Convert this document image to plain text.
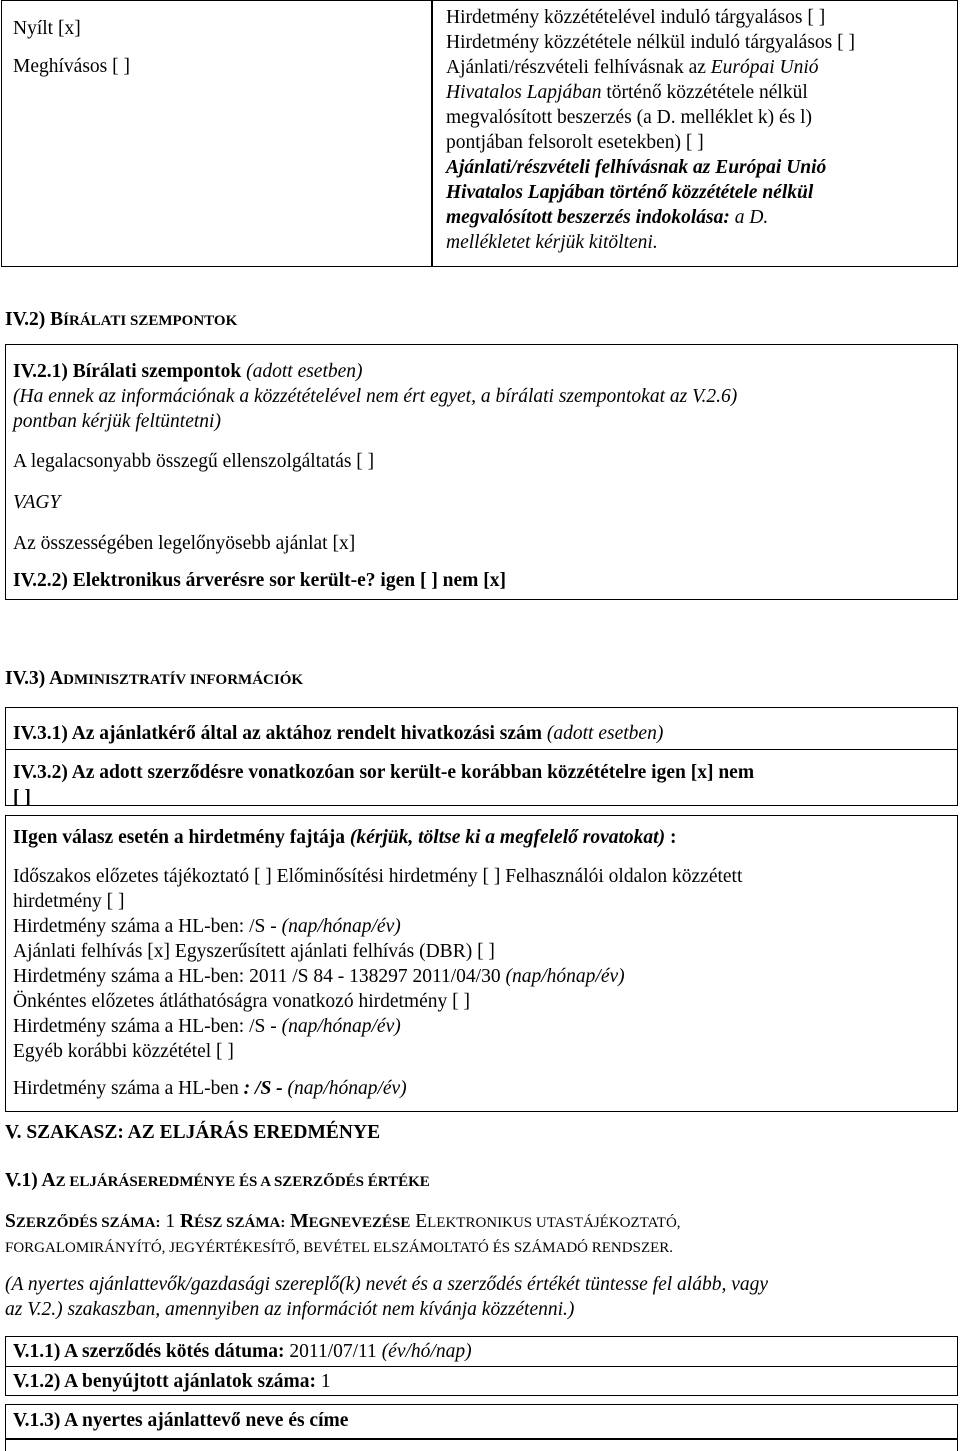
Nyílt [x]
Meghívásos [ ]
Hirdetmény közzétételével induló tárgyalásos [ ]
Hirdetmény közzététele nélkül induló tárgyalásos [ ]
Ajánlati/részvételi felhívásnak az Európai Unió
Hivatalos Lapjában történő közzététele nélkül
megvalósított beszerzés (a D. melléklet k) és l)
pontjában felsorolt esetekben) [ ]
Ajánlati/részvételi felhívásnak az Európai Unió
Hivatalos Lapjában történő közzététele nélkül
megvalósított beszerzés indokolása: a D.
mellékletet kérjük kitölteni.
IV.2) BÍRÁLATI SZEMPONTOK
IV.2.1) Bírálati szempontok (adott esetben)
(Ha ennek az információnak a közzétételével nem ért egyet, a bírálati szempontokat az V.2.6)
pontban kérjük feltüntetni)
A legalacsonyabb összegű ellenszolgáltatás [ ]
VAGY
Az összességében legelőnyösebb ajánlat [x]
IV.2.2) Elektronikus árverésre sor került-e? igen [ ] nem [x]
IV.3) ADMINISZTRATÍV INFORMÁCIÓK
IV.3.1) Az ajánlatkérő által az aktához rendelt hivatkozási szám (adott esetben)
IV.3.2) Az adott szerződésre vonatkozóan sor került-e korábban közzétételre igen [x] nem
[ ]
IIgen válasz esetén a hirdetmény fajtája (kérjük, töltse ki a megfelelő rovatokat) :
Időszakos előzetes tájékoztató [ ] Előminősítési hirdetmény [ ] Felhasználói oldalon közzétett
hirdetmény [ ]
Hirdetmény száma a HL-ben: /S - (nap/hónap/év)
Ajánlati felhívás [x] Egyszerűsített ajánlati felhívás (DBR) [ ]
Hirdetmény száma a HL-ben: 2011 /S 84 - 138297 2011/04/30 (nap/hónap/év)
Önkéntes előzetes átláthatóságra vonatkozó hirdetmény [ ]
Hirdetmény száma a HL-ben: /S - (nap/hónap/év)
Egyéb korábbi közzététel [ ]
Hirdetmény száma a HL-ben : /S - (nap/hónap/év)
V. SZAKASZ: AZ ELJÁRÁS EREDMÉNYE
V.1) AZ ELJÁRÁSEREDMÉNYE ÉS A SZERZŐDÉS ÉRTÉKE
SZERZŐDÉS SZÁMA: 1 RÉSZ SZÁMA: MEGNEVEZÉSE ELEKTRONIKUS UTASTÁJÉKOZTATÓ,
FORGALOMIRÁNYÍTÓ, JEGYÉRTÉKESÍTŐ, BEVÉTEL ELSZÁMOLTATÓ ÉS SZÁMADÓ RENDSZER.
(A nyertes ajánlattevők/gazdasági szereplő(k) nevét és a szerződés értékét tüntesse fel alább, vagy
az V.2.) szakaszban, amennyiben az információt nem kívánja közzétenni.)
V.1.1) A szerződés kötés dátuma: 2011/07/11 (év/hó/nap)
V.1.2) A benyújtott ajánlatok száma: 1
V.1.3) A nyertes ajánlattevő neve és címe
